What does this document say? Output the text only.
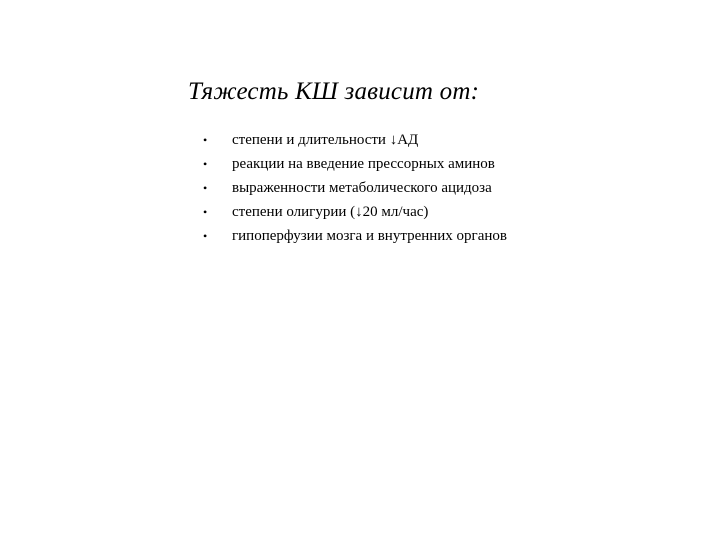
Тяжесть КШ зависит от:
•	степени и длительности ↓АД
•	реакции на введение прессорных аминов
•	выраженности метаболического ацидоза
•	степени олигурии (↓20 мл/час)
•	гипоперфузии мозга и внутренних органов
